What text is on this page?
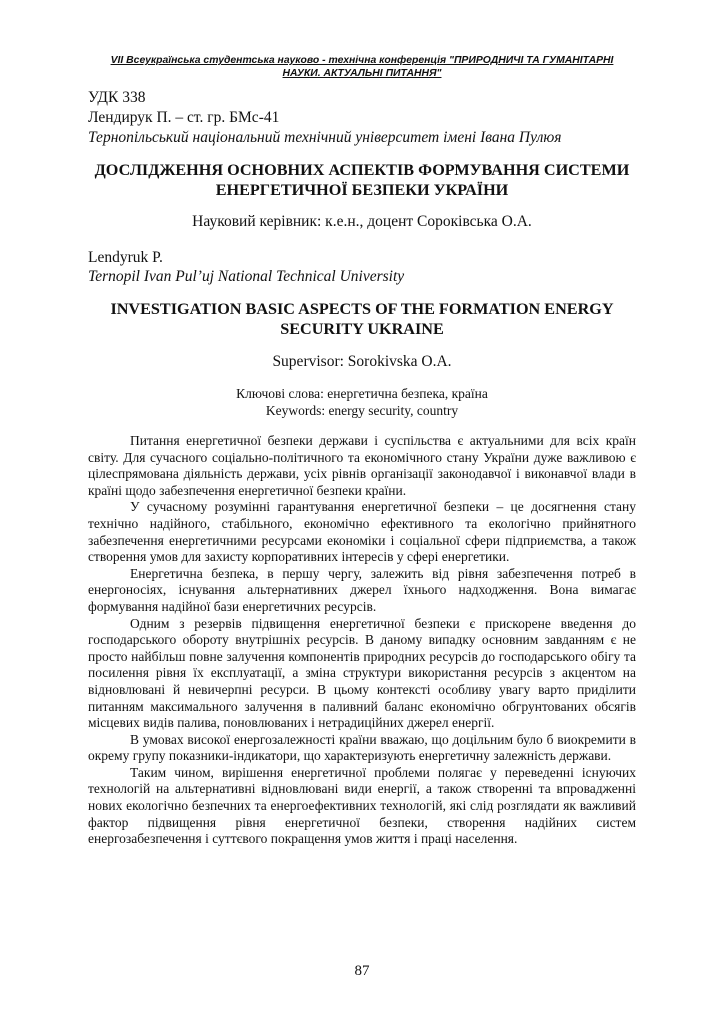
VII Всеукраїнська студентська науково - технічна конференція "ПРИРОДНИЧІ ТА ГУМАНІТАРНІ НАУКИ. АКТУАЛЬНІ ПИТАННЯ"
УДК 338
Лендирук П. – ст. гр. БМс-41
Тернопільський національний технічний університет імені Івана Пулюя
ДОСЛІДЖЕННЯ ОСНОВНИХ АСПЕКТІВ ФОРМУВАННЯ СИСТЕМИ ЕНЕРГЕТИЧНОЇ БЕЗПЕКИ УКРАЇНИ
Науковий керівник: к.е.н., доцент Сороківська О.А.
Lendyruk P.
Ternopil Ivan Pul’uj National Technical University
INVESTIGATION BASIC ASPECTS OF THE FORMATION ENERGY SECURITY UKRAINE
Supervisor: Sorokivska O.A.
Ключові слова: енергетична безпека, країна
Keywords: energy security, country

Питання енергетичної безпеки держави і суспільства є актуальними для всіх країн світу. Для сучасного соціально-політичного та економічного стану України дуже важливою є цілеспрямована діяльність держави, усіх рівнів організації законодавчої і виконавчої влади в країні щодо забезпечення енергетичної безпеки країни.

У сучасному розумінні гарантування енергетичної безпеки – це досягнення стану технічно надійного, стабільного, економічно ефективного та екологічно прийнятного забезпечення енергетичними ресурсами економіки і соціальної сфери підприємства, а також створення умов для захисту корпоративних інтересів у сфері енергетики.

Енергетична безпека, в першу чергу, залежить від рівня забезпечення потреб в енергоносіях, існування альтернативних джерел їхнього надходження. Вона вимагає формування надійної бази енергетичних ресурсів.

Одним з резервів підвищення енергетичної безпеки є прискорене введення до господарського обороту внутрішніх ресурсів. В даному випадку основним завданням є не просто найбільш повне залучення компонентів природних ресурсів до господарського обігу та посилення рівня їх експлуатації, а зміна структури використання ресурсів з акцентом на відновлювані й невичерпні ресурси. В цьому контексті особливу увагу варто приділити питанням максимального залучення в паливний баланс економічно обгрунтованих обсягів місцевих видів палива, поновлюваних і нетрадиційних джерел енергії.

В умовах високої енергозалежності країни вважаю, що доцільним було б виокремити в окрему групу показники-індикатори, що характеризують енергетичну залежність держави.

Таким чином, вирішення енергетичної проблеми полягає у переведенні існуючих технологій на альтернативні відновлювані види енергії, а також створенні та впровадженні нових екологічно безпечних та енергоефективних технологій, які слід розглядати як важливий фактор підвищення рівня енергетичної безпеки, створення надійних систем енергозабезпечення і суттєвого покращення умов життя і праці населення.

87
